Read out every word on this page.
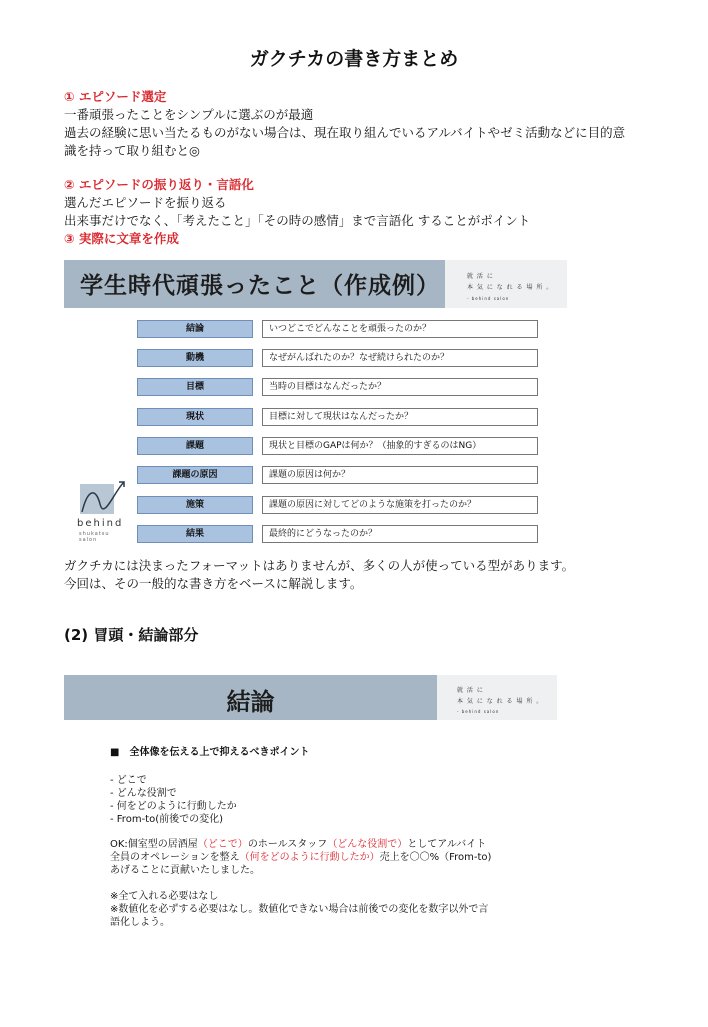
ガクチカの書き方まとめ
① エピソード選定
一番頑張ったことをシンプルに選ぶのが最適
過去の経験に思い当たるものがない場合は、現在取り組んでいるアルバイトやゼミ活動などに目的意
識を持って取り組むと◎
② エピソードの振り返り・言語化
選んだエピソードを振り返る
出来事だけでなく、「考えたこと」「その時の感情」まで言語化 することがポイント
③ 実際に文章を作成
学生時代頑張ったこと（作成例）	就 活 に
本 気 に な れ る 場 所 。
- behind salon
結論	いつどこでどんなことを頑張ったのか？
動機	なぜがんばれたのか？なぜ続けられたのか？
目標	当時の目標はなんだったか？
現状	目標に対して現状はなんだったか？
課題	現状と目標のGAPは何か？（抽象的すぎるのはNG）
課題の原因	課題の原因は何か？
施策	課題の原因に対してどのような施策を打ったのか？
結果	最終的にどうなったのか？
behind
shukatsu salon
ガクチカには決まったフォーマットはありませんが、多くの人が使っている型があります。
今回は、その一般的な書き方をベースに解説します。
(2) 冒頭・結論部分
結論	就 活 に
本 気 に な れ る 場 所 。
- behind salon
■　全体像を伝える上で抑えるべきポイント
- どこで
- どんな役割で
- 何をどのように行動したか
- From-to(前後での変化)
OK:個室型の居酒屋（どこで）のホールスタッフ（どんな役割で）としてアルバイト
全員のオペレーションを整え（何をどのように行動したか）売上を〇〇%（From-to)
あげることに貢献いたしました。
※全て入れる必要はなし
※数値化を必ずする必要はなし。数値化できない場合は前後での変化を数字以外で言
語化しよう。
